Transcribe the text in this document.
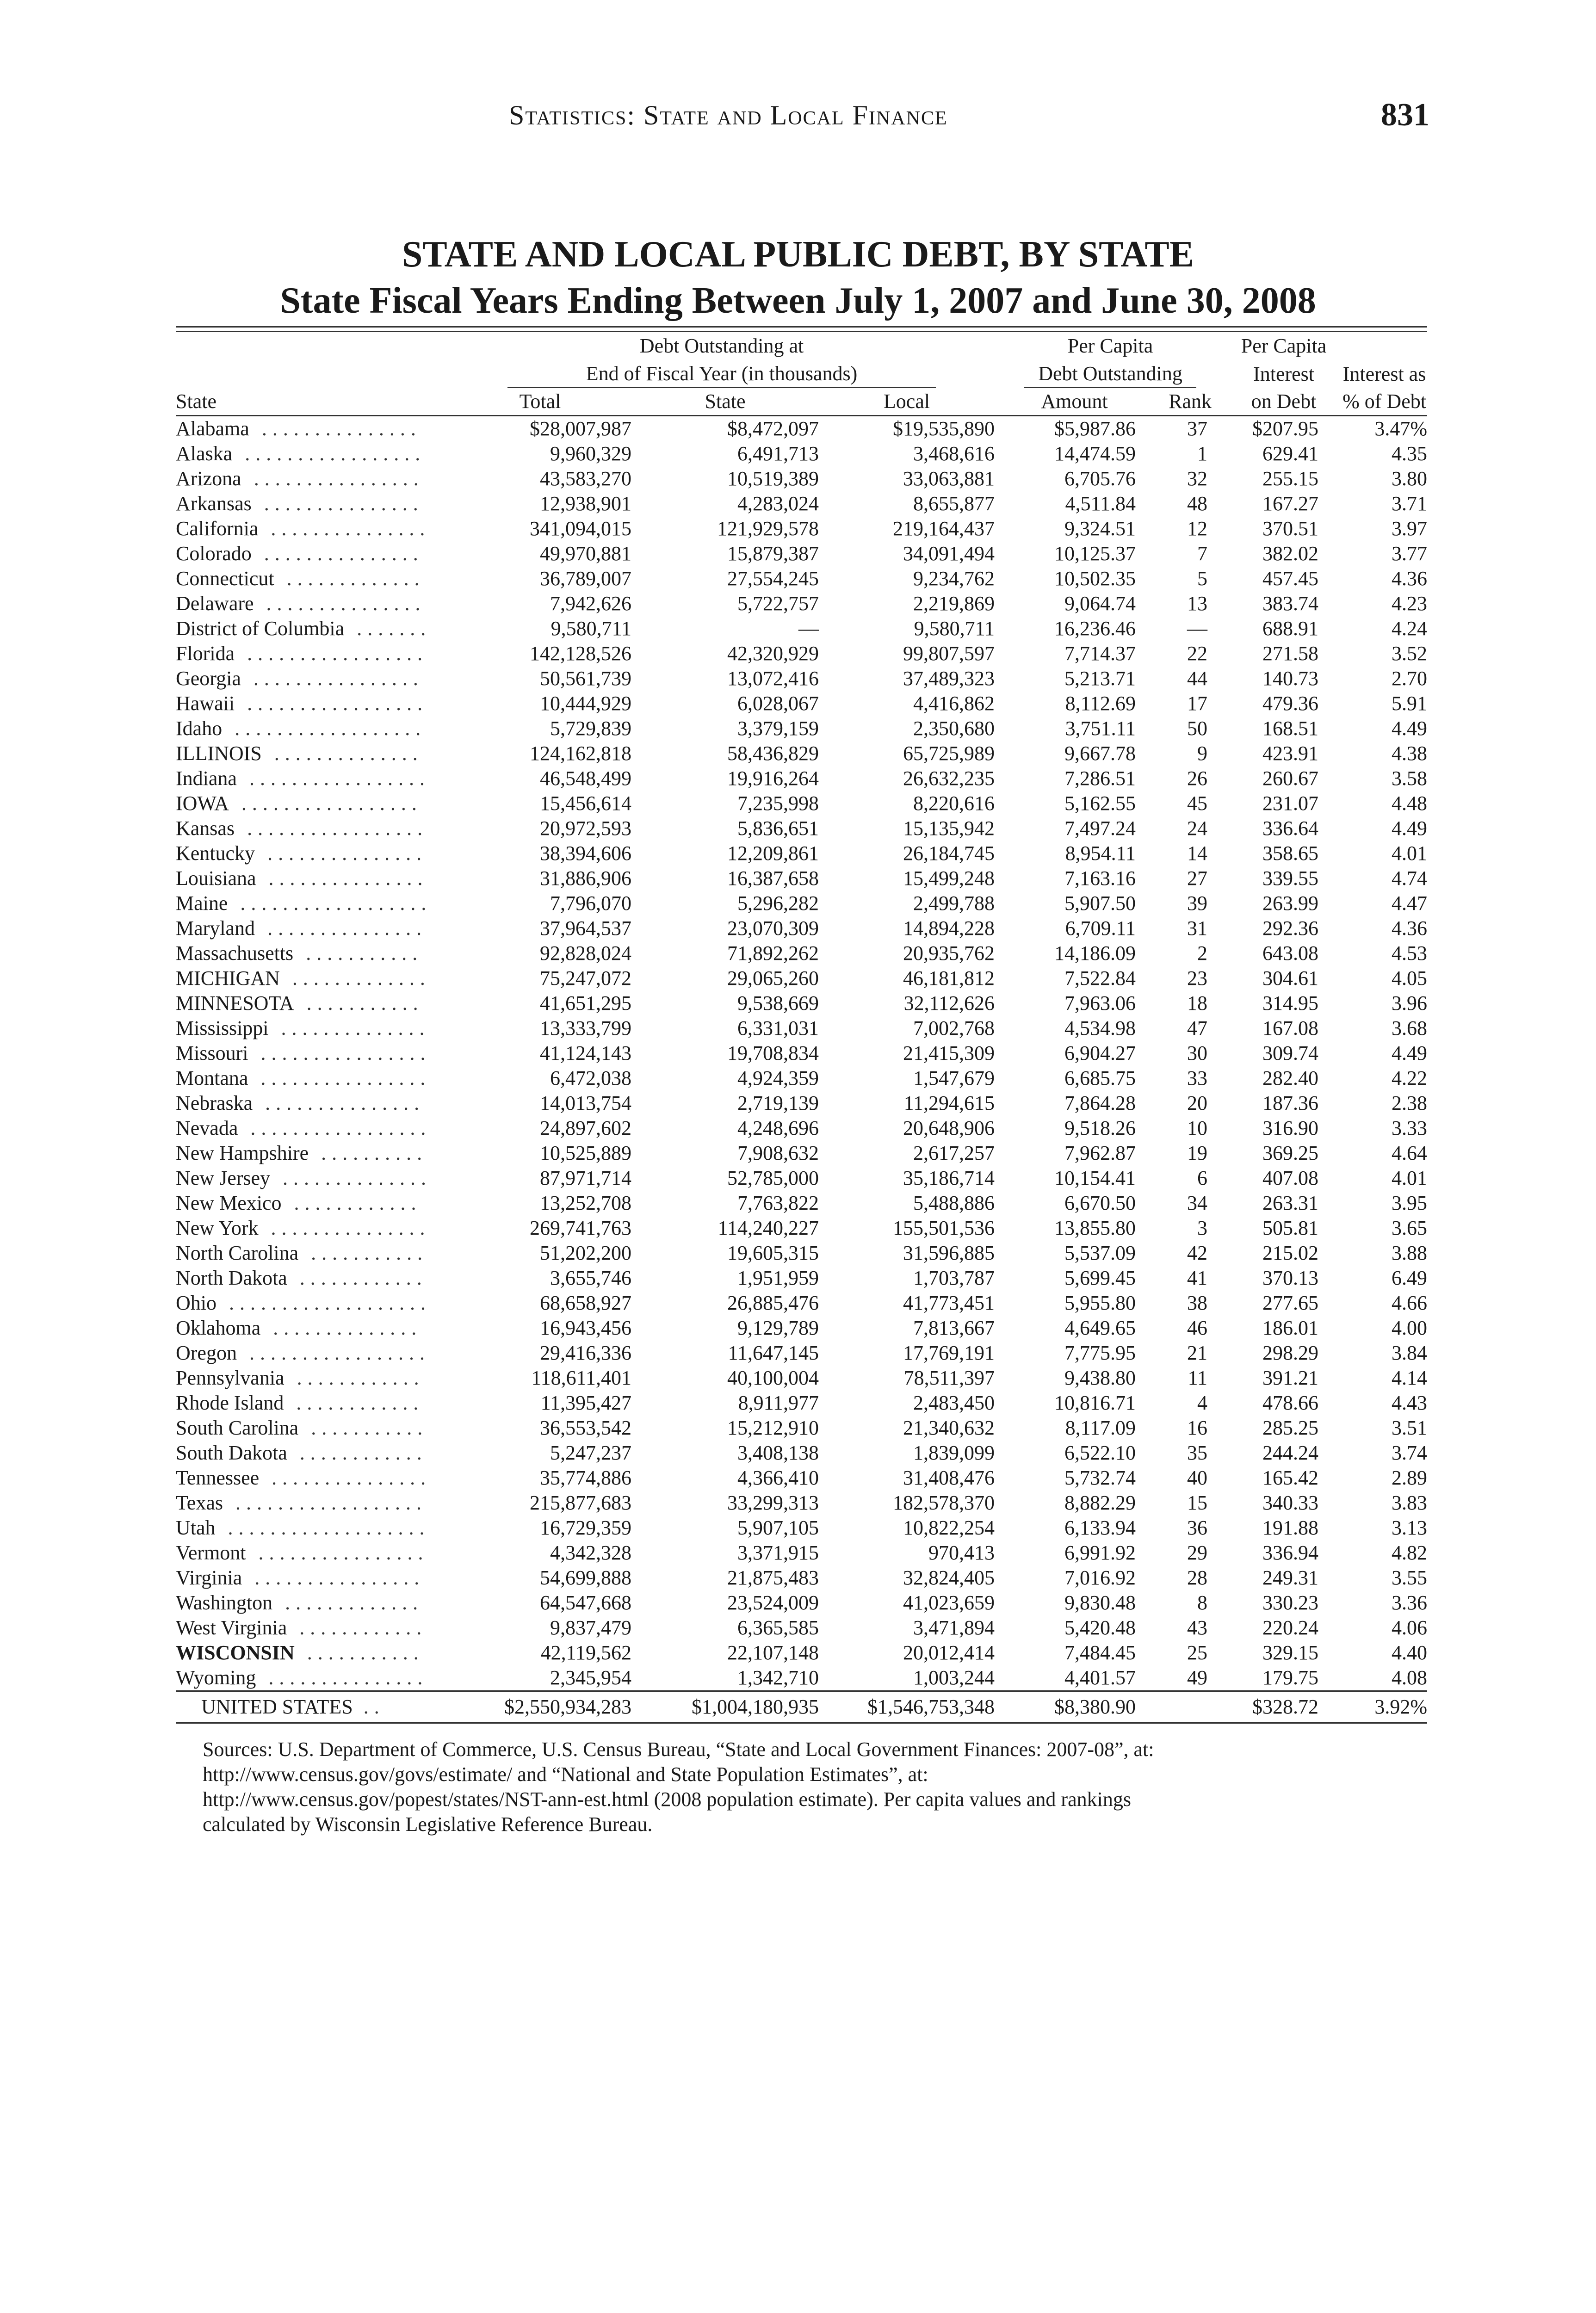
Statistics: State and Local Finance	831
STATE AND LOCAL PUBLIC DEBT, BY STATE
State Fiscal Years Ending Between July 1, 2007 and June 30, 2008
	Debt Outstanding at			Per Capita		Per Capita	
	End of Fiscal Year (in thousands)			Debt Outstanding		Interest	Interest as
State	Total	State	Local	Amount	Rank	on Debt	% of Debt
Alabama ...............	$28,007,987	$8,472,097	$19,535,890	$5,987.86	37	$207.95	3.47%
Alaska .................	9,960,329	6,491,713	3,468,616	14,474.59	1	629.41	4.35
Arizona ................	43,583,270	10,519,389	33,063,881	6,705.76	32	255.15	3.80
Arkansas ...............	12,938,901	4,283,024	8,655,877	4,511.84	48	167.27	3.71
California ...............	341,094,015	121,929,578	219,164,437	9,324.51	12	370.51	3.97
Colorado ...............	49,970,881	15,879,387	34,091,494	10,125.37	7	382.02	3.77
Connecticut .............	36,789,007	27,554,245	9,234,762	10,502.35	5	457.45	4.36
Delaware ...............	7,942,626	5,722,757	2,219,869	9,064.74	13	383.74	4.23
District of Columbia .......	9,580,711	—	9,580,711	16,236.46	—	688.91	4.24
Florida .................	142,128,526	42,320,929	99,807,597	7,714.37	22	271.58	3.52
Georgia ................	50,561,739	13,072,416	37,489,323	5,213.71	44	140.73	2.70
Hawaii .................	10,444,929	6,028,067	4,416,862	8,112.69	17	479.36	5.91
Idaho ..................	5,729,839	3,379,159	2,350,680	3,751.11	50	168.51	4.49
ILLINOIS ..............	124,162,818	58,436,829	65,725,989	9,667.78	9	423.91	4.38
Indiana .................	46,548,499	19,916,264	26,632,235	7,286.51	26	260.67	3.58
IOWA .................	15,456,614	7,235,998	8,220,616	5,162.55	45	231.07	4.48
Kansas .................	20,972,593	5,836,651	15,135,942	7,497.24	24	336.64	4.49
Kentucky ...............	38,394,606	12,209,861	26,184,745	8,954.11	14	358.65	4.01
Louisiana ...............	31,886,906	16,387,658	15,499,248	7,163.16	27	339.55	4.74
Maine ..................	7,796,070	5,296,282	2,499,788	5,907.50	39	263.99	4.47
Maryland ...............	37,964,537	23,070,309	14,894,228	6,709.11	31	292.36	4.36
Massachusetts ...........	92,828,024	71,892,262	20,935,762	14,186.09	2	643.08	4.53
MICHIGAN .............	75,247,072	29,065,260	46,181,812	7,522.84	23	304.61	4.05
MINNESOTA ...........	41,651,295	9,538,669	32,112,626	7,963.06	18	314.95	3.96
Mississippi ..............	13,333,799	6,331,031	7,002,768	4,534.98	47	167.08	3.68
Missouri ................	41,124,143	19,708,834	21,415,309	6,904.27	30	309.74	4.49
Montana ................	6,472,038	4,924,359	1,547,679	6,685.75	33	282.40	4.22
Nebraska ...............	14,013,754	2,719,139	11,294,615	7,864.28	20	187.36	2.38
Nevada .................	24,897,602	4,248,696	20,648,906	9,518.26	10	316.90	3.33
New Hampshire ..........	10,525,889	7,908,632	2,617,257	7,962.87	19	369.25	4.64
New Jersey ..............	87,971,714	52,785,000	35,186,714	10,154.41	6	407.08	4.01
New Mexico ............	13,252,708	7,763,822	5,488,886	6,670.50	34	263.31	3.95
New York ...............	269,741,763	114,240,227	155,501,536	13,855.80	3	505.81	3.65
North Carolina ...........	51,202,200	19,605,315	31,596,885	5,537.09	42	215.02	3.88
North Dakota ............	3,655,746	1,951,959	1,703,787	5,699.45	41	370.13	6.49
Ohio ...................	68,658,927	26,885,476	41,773,451	5,955.80	38	277.65	4.66
Oklahoma ..............	16,943,456	9,129,789	7,813,667	4,649.65	46	186.01	4.00
Oregon .................	29,416,336	11,647,145	17,769,191	7,775.95	21	298.29	3.84
Pennsylvania ............	118,611,401	40,100,004	78,511,397	9,438.80	11	391.21	4.14
Rhode Island ............	11,395,427	8,911,977	2,483,450	10,816.71	4	478.66	4.43
South Carolina ...........	36,553,542	15,212,910	21,340,632	8,117.09	16	285.25	3.51
South Dakota ............	5,247,237	3,408,138	1,839,099	6,522.10	35	244.24	3.74
Tennessee ...............	35,774,886	4,366,410	31,408,476	5,732.74	40	165.42	2.89
Texas ..................	215,877,683	33,299,313	182,578,370	8,882.29	15	340.33	3.83
Utah ...................	16,729,359	5,907,105	10,822,254	6,133.94	36	191.88	3.13
Vermont ................	4,342,328	3,371,915	970,413	6,991.92	29	336.94	4.82
Virginia ................	54,699,888	21,875,483	32,824,405	7,016.92	28	249.31	3.55
Washington .............	64,547,668	23,524,009	41,023,659	9,830.48	8	330.23	3.36
West Virginia ............	9,837,479	6,365,585	3,471,894	5,420.48	43	220.24	4.06
WISCONSIN ...........	42,119,562	22,107,148	20,012,414	7,484.45	25	329.15	4.40
Wyoming ...............	2,345,954	1,342,710	1,003,244	4,401.57	49	179.75	4.08
UNITED STATES ..	$2,550,934,283	$1,004,180,935	$1,546,753,348	$8,380.90		$328.72	3.92%

Sources: U.S. Department of Commerce, U.S. Census Bureau, “State and Local Government Finances: 2007-08”, at:

http://www.census.gov/govs/estimate/ and “National and State Population Estimates”, at:

http://www.census.gov/popest/states/NST-ann-est.html (2008 population estimate). Per capita values and rankings

calculated by Wisconsin Legislative Reference Bureau.
